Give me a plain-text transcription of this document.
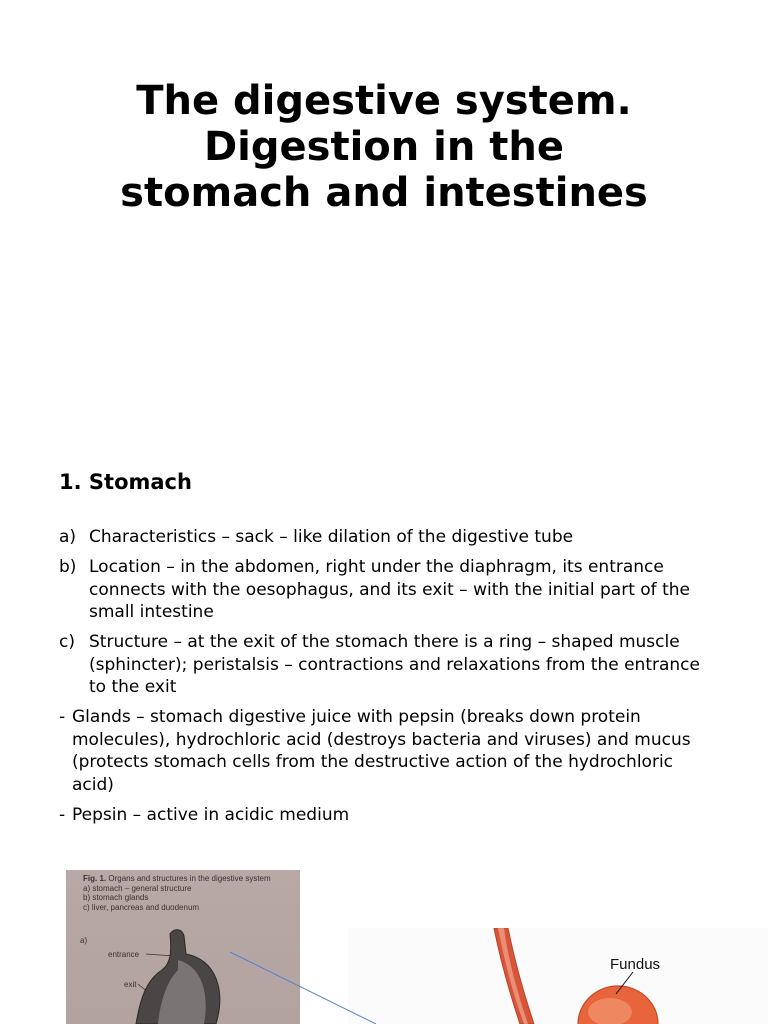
The digestive system.
Digestion in the
stomach and intestines
1. Stomach
a) Characteristics – sack – like dilation of the digestive tube
b) Location – in the abdomen, right under the diaphragm, its entrance
connects with the oesophagus, and its exit – with the initial part of the
small intestine
c) Structure – at the exit of the stomach there is a ring – shaped muscle
(sphincter); peristalsis – contractions and relaxations from the entrance
to the exit
- Glands – stomach digestive juice with pepsin (breaks down protein
molecules), hydrochloric acid (destroys bacteria and viruses) and mucus
(protects stomach cells from the destructive action of the hydrochloric
acid)
- Pepsin – active in acidic medium
Fig. 1. Organs and structures in the digestive system
a) stomach – general structure
b) stomach glands
c) liver, pancreas and duodenum
a)
entrance
exit
Fundus
